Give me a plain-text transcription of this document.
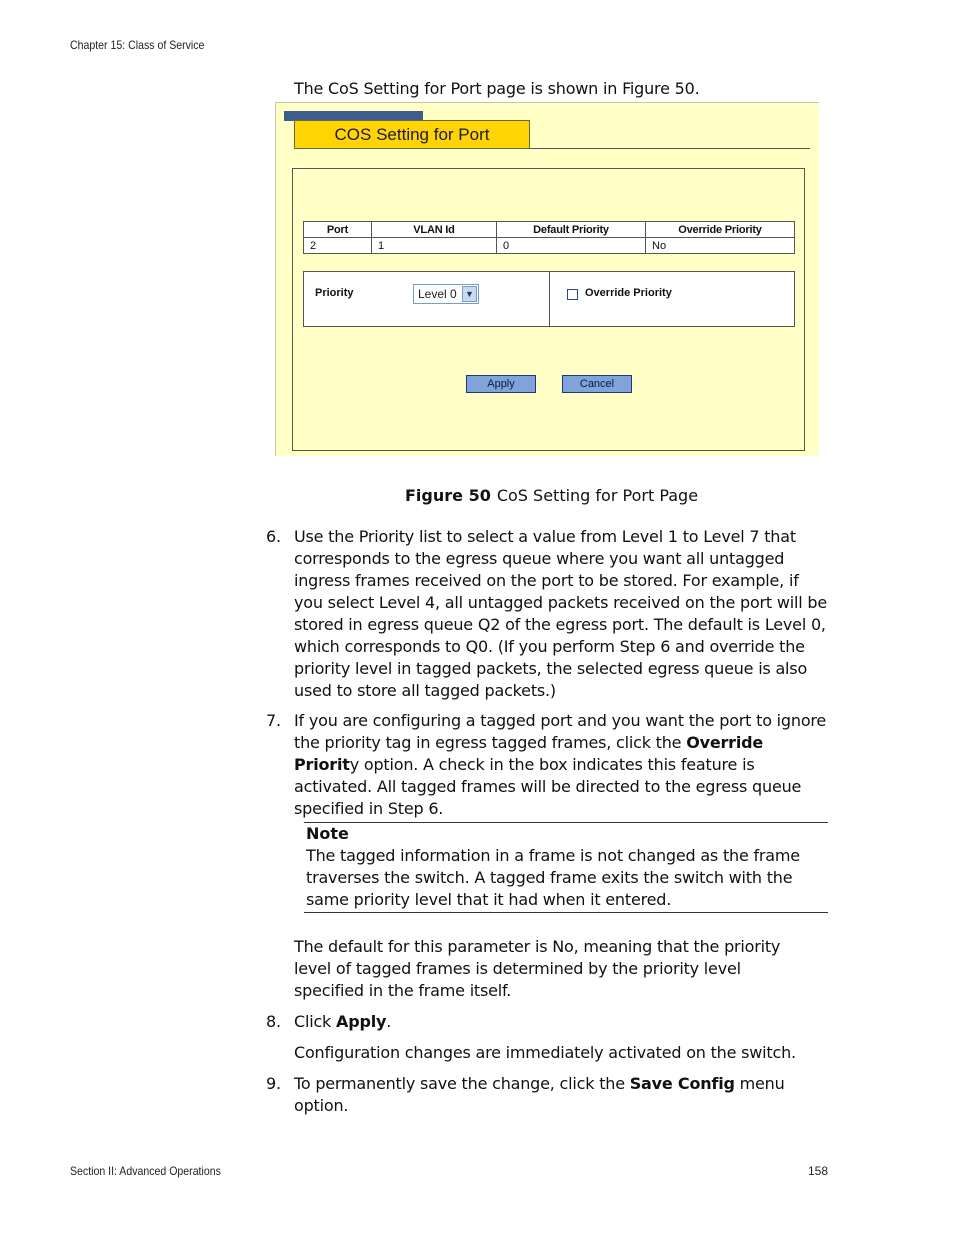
Chapter 15: Class of Service
The CoS Setting for Port page is shown in Figure 50.
COS Setting for Port
Port	VLAN Id	Default Priority	Override Priority
2	1	0	No
Priority	Level 0 ▼	Override Priority
Apply	Cancel
Figure 50 CoS Setting for Port Page
6. Use the Priority list to select a value from Level 1 to Level 7 that corresponds to the egress queue where you want all untagged ingress frames received on the port to be stored. For example, if you select Level 4, all untagged packets received on the port will be stored in egress queue Q2 of the egress port. The default is Level 0, which corresponds to Q0. (If you perform Step 6 and override the priority level in tagged packets, the selected egress queue is also used to store all tagged packets.)
7. If you are configuring a tagged port and you want the port to ignore the priority tag in egress tagged frames, click the Override Priority option. A check in the box indicates this feature is activated. All tagged frames will be directed to the egress queue specified in Step 6.
Note
The tagged information in a frame is not changed as the frame traverses the switch. A tagged frame exits the switch with the same priority level that it had when it entered.
The default for this parameter is No, meaning that the priority level of tagged frames is determined by the priority level specified in the frame itself.
8. Click Apply.
Configuration changes are immediately activated on the switch.
9. To permanently save the change, click the Save Config menu option.
Section II: Advanced Operations	158
